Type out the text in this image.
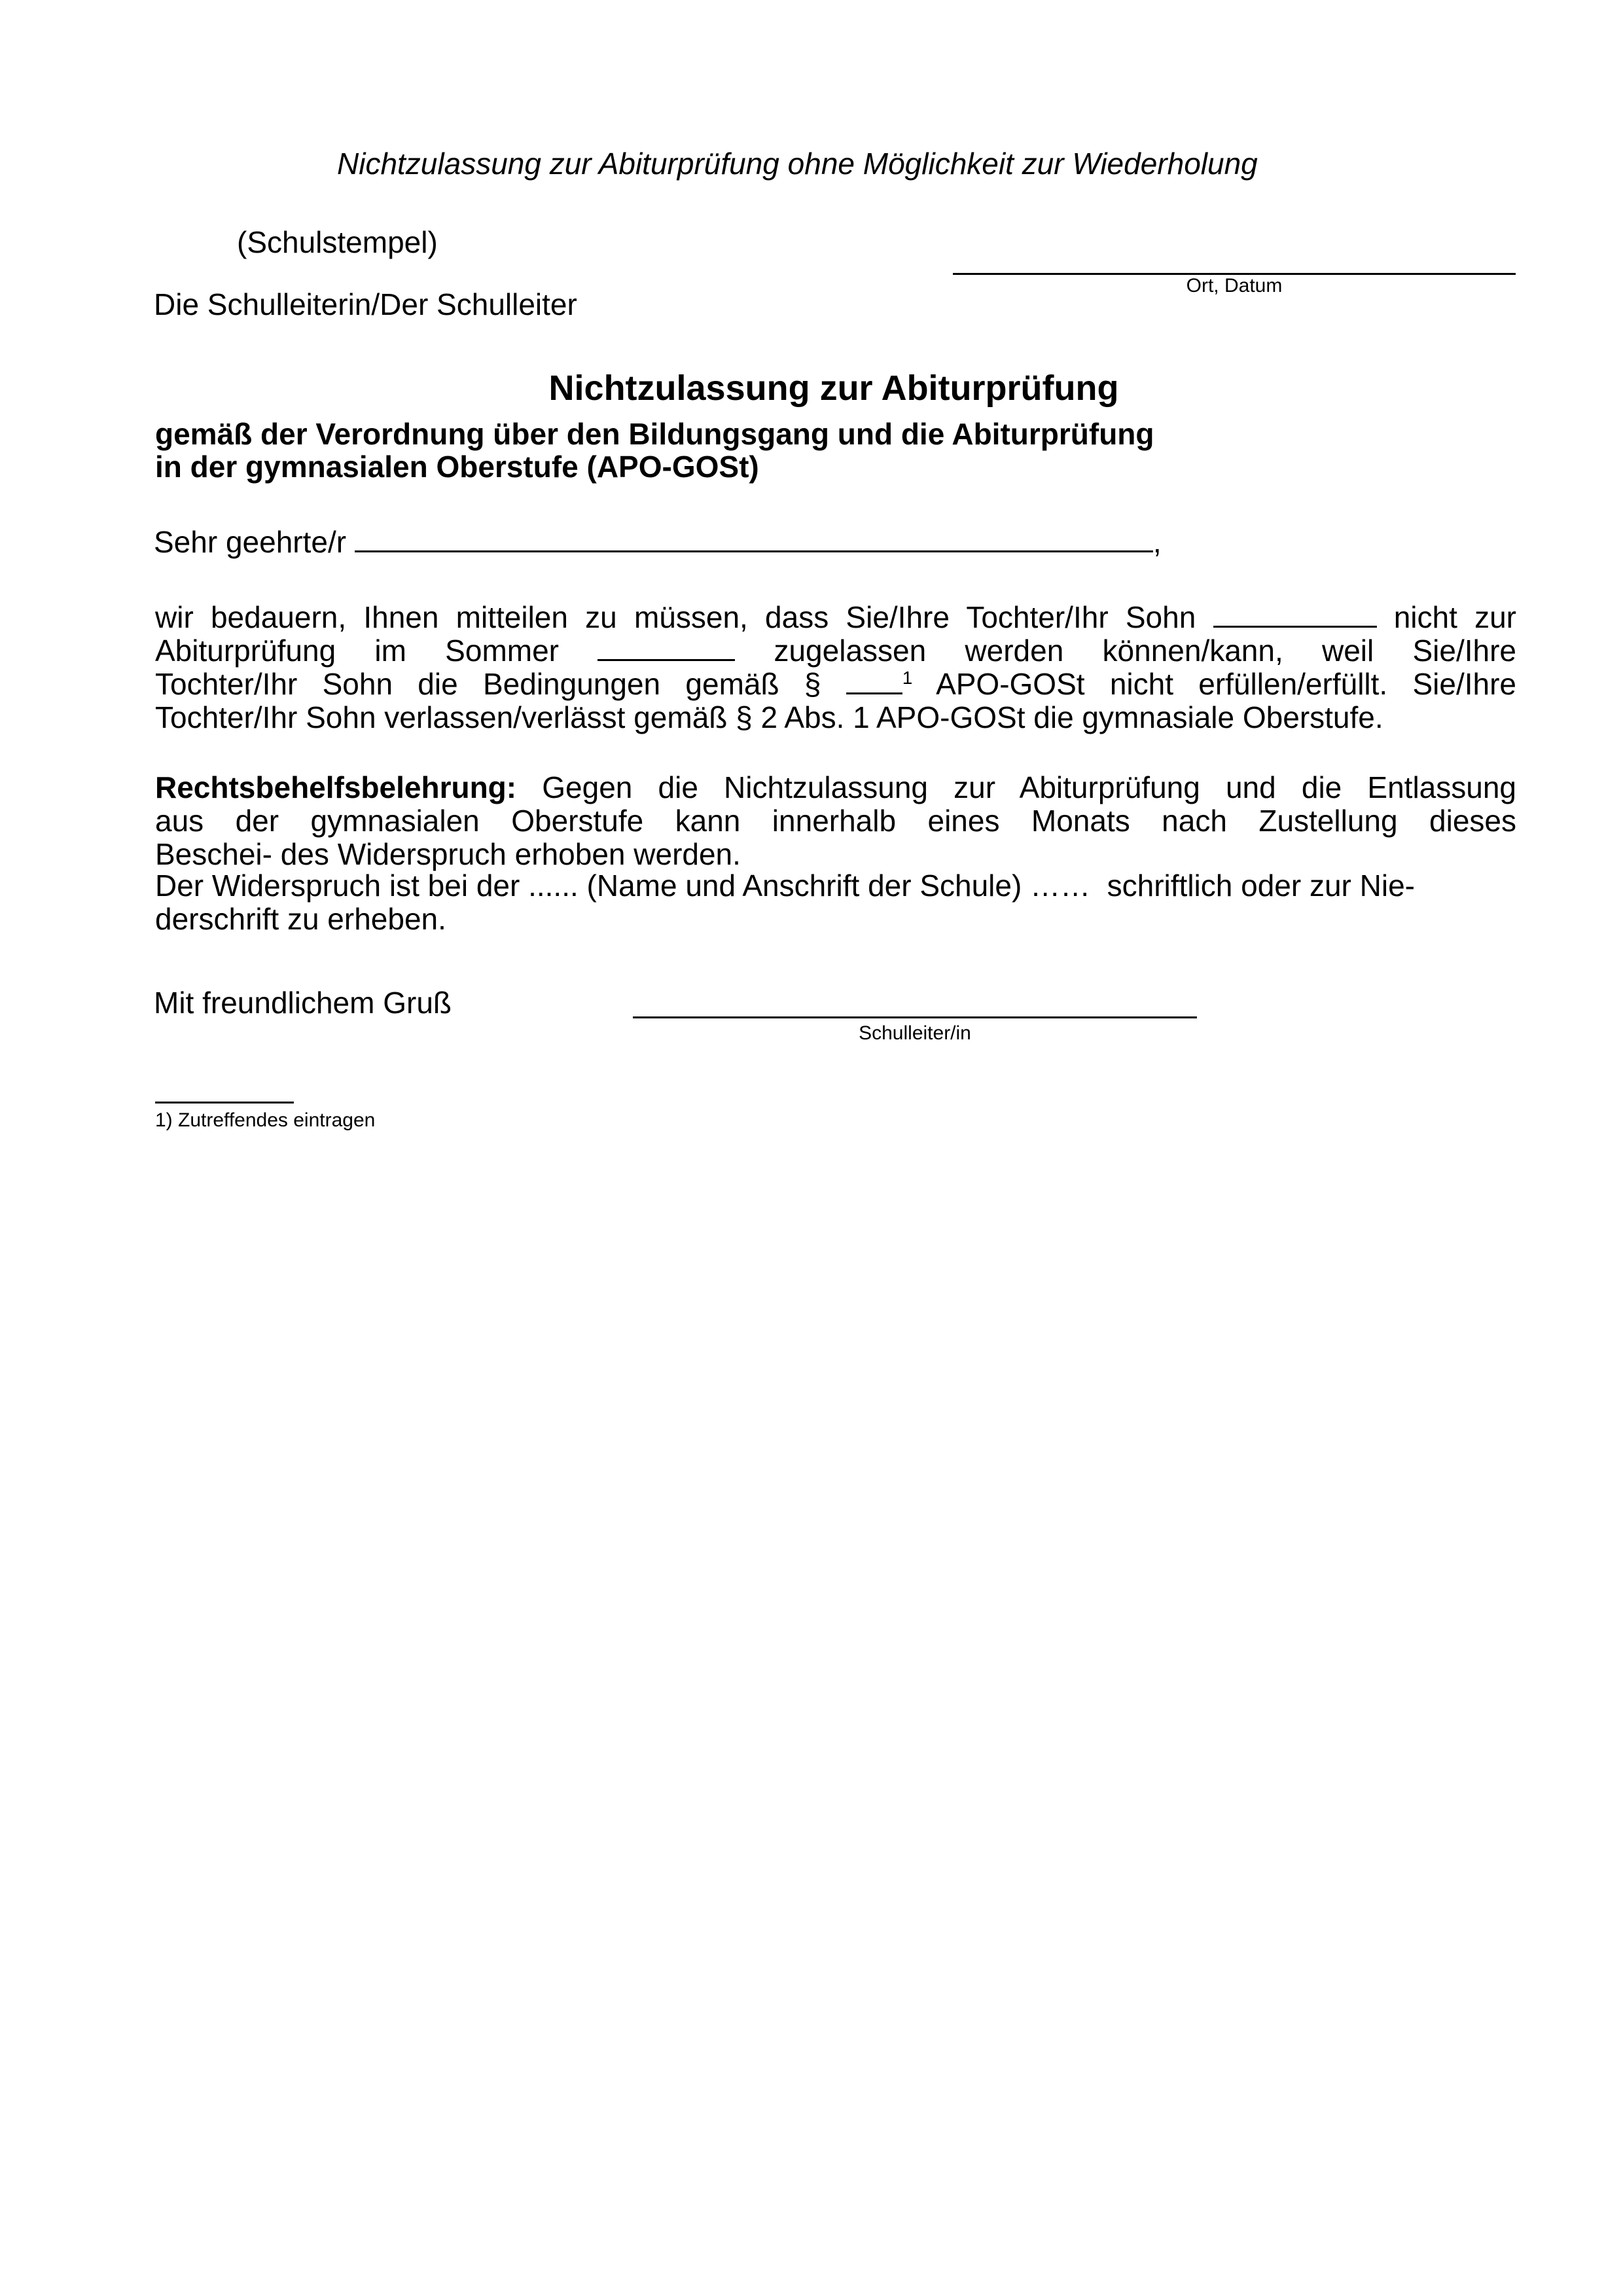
Nichtzulassung zur Abiturprüfung ohne Möglichkeit zur Wiederholung
(Schulstempel)
Ort, Datum
Die Schulleiterin/Der Schulleiter
Nichtzulassung zur Abiturprüfung
gemäß der Verordnung über den Bildungsgang und die Abiturprüfung
in der gymnasialen Oberstufe (APO-GOSt)
Sehr geehrte/r	,
wir bedauern, Ihnen mitteilen zu müssen, dass Sie/Ihre Tochter/Ihr Sohn	nicht zur
Abiturprüfung im Sommer	zugelassen werden können/kann, weil Sie/Ihre
Tochter/Ihr Sohn die Bedingungen gemäß §	$^1$ APO-GOSt nicht erfüllen/erfüllt. Sie/Ihre
Tochter/Ihr Sohn verlassen/verlässt gemäß § 2 Abs. 1 APO-GOSt die gymnasiale Oberstufe.
Rechtsbehelfsbelehrung: Gegen die Nichtzulassung zur Abiturprüfung und die Entlassung
aus der gymnasialen Oberstufe kann innerhalb eines Monats nach Zustellung dieses
Beschei- des Widerspruch erhoben werden.
Der Widerspruch ist bei der ...... (Name und Anschrift der Schule) ……  schriftlich oder zur Nie-
derschrift zu erheben.
Mit freundlichem Gruß
Schulleiter/in
1) Zutreffendes eintragen
